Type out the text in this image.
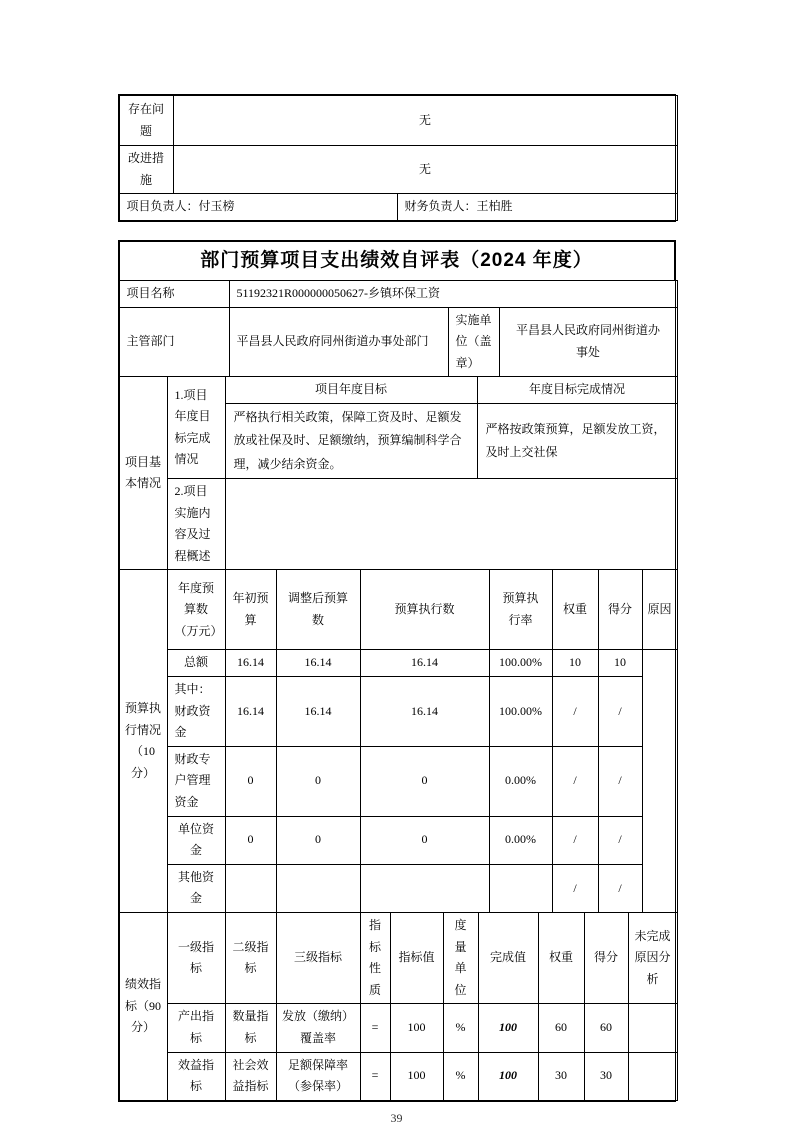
存在问题	无	
改进措施	无	
项目负责人：付玉榜		财务负责人：王柏胜
部门预算项目支出绩效自评表（2024 年度）
项目名称	51192321R000000050627-乡镇环保工资
主管部门	平昌县人民政府同州街道办事处部门	实施单位（盖章）	平昌县人民政府同州街道办事处
项目基本情况	1.项目年度目标完成情况	项目年度目标	年度目标完成情况
		严格执行相关政策，保障工资及时、足额发放或社保及时、足额缴纳，预算编制科学合理，减少结余资金。	严格按政策预算，足额发放工资，及时上交社保
	2.项目实施内容及过程概述		
预算执行情况（10 分）	年度预算数（万元）	年初预算	调整后预算数	预算执行数	预算执行率	权重	得分	原因
	总额	16.14	16.14	16.14	100.00%	10	10	
	其中：财政资金	16.14	16.14	16.14	100.00%	/	/	
	财政专户管理资金	0	0	0	0.00%	/	/	
	单位资金	0	0	0	0.00%	/	/	
	其他资金					/	/	
绩效指标（90 分）	一级指标	二级指标	三级指标	指标性质	指标值	度量单位	完成值	权重	得分	未完成原因分析
	产出指标	数量指标	发放（缴纳）覆盖率	=	100	%	100	60	60	
	效益指标	社会效益指标	足额保障率（参保率）	=	100	%	100	30	30	
39
